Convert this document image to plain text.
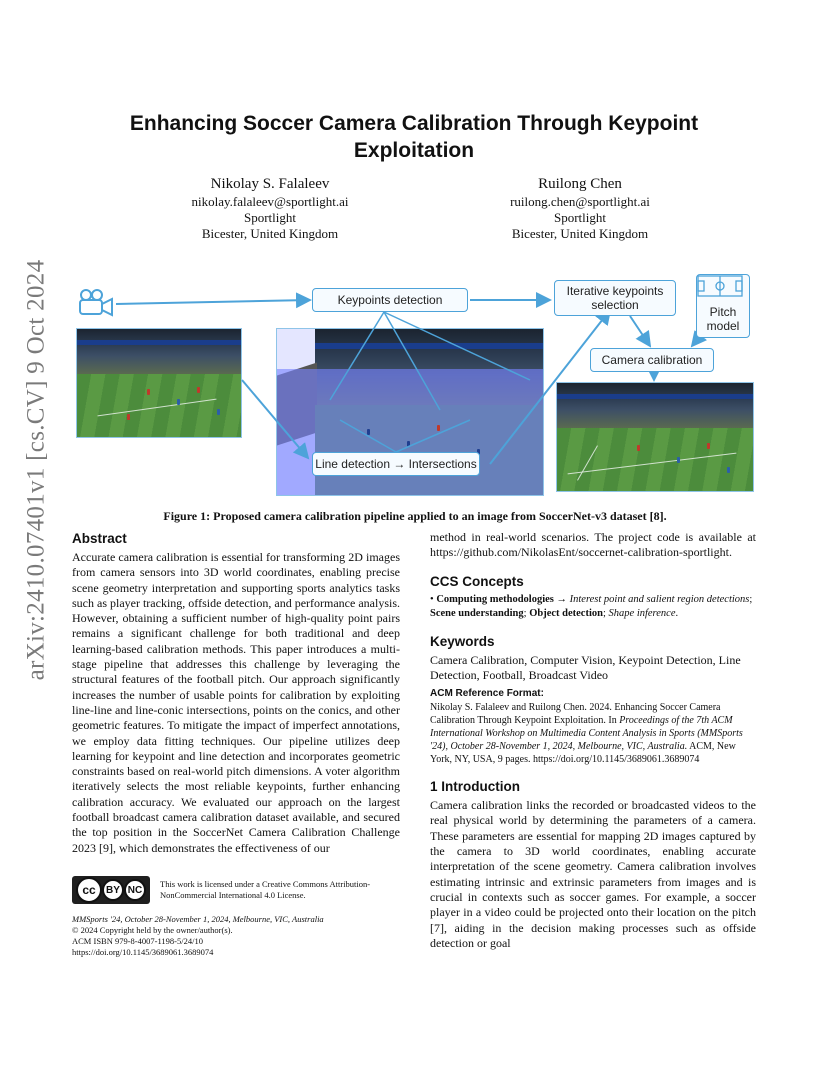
arXiv:2410.07401v1 [cs.CV] 9 Oct 2024
Enhancing Soccer Camera Calibration Through Keypoint Exploitation
Nikolay S. Falaleev
nikolay.falaleev@sportlight.ai
Sportlight
Bicester, United Kingdom
Ruilong Chen
ruilong.chen@sportlight.ai
Sportlight
Bicester, United Kingdom
Keypoints detection
Line detection → Intersections
Iterative keypoints
selection	Pitch
model
Camera calibration
Figure 1: Proposed camera calibration pipeline applied to an image from SoccerNet-v3 dataset [8].
Abstract

Accurate camera calibration is essential for transforming 2D images from camera sensors into 3D world coordinates, enabling precise scene geometry interpretation and supporting sports analytics tasks such as player tracking, offside detection, and performance analysis. However, obtaining a sufficient number of high-quality point pairs remains a significant challenge for both traditional and deep learning-based calibration methods. This paper introduces a multi-stage pipeline that addresses this challenge by leveraging the structural features of the football pitch. Our approach significantly increases the number of usable points for calibration by exploiting line-line and line-conic intersections, points on the conics, and other geometric features. To mitigate the impact of imperfect annotations, we employ data fitting techniques. Our pipeline utilizes deep learning for keypoint and line detection and incorporates geometric constraints based on real-world pitch dimensions. A voter algorithm iteratively selects the most reliable keypoints, further enhancing calibration accuracy. We evaluated our approach on the largest football broadcast camera calibration dataset available, and secured the top position in the SoccerNet Camera Calibration Challenge 2023 [9], which demonstrates the effectiveness of our

cc	BY NC
This work is licensed under a Creative Commons Attribution-NonCommercial International 4.0 License.
MMSports '24, October 28-November 1, 2024, Melbourne, VIC, Australia
© 2024 Copyright held by the owner/author(s).
ACM ISBN 979-8-4007-1198-5/24/10
https://doi.org/10.1145/3689061.3689074

method in real-world scenarios. The project code is available at https://github.com/NikolasEnt/soccernet-calibration-sportlight.

CCS Concepts

• Computing methodologies → Interest point and salient region detections; Scene understanding; Object detection; Shape inference.

Keywords

Camera Calibration, Computer Vision, Keypoint Detection, Line Detection, Football, Broadcast Video

ACM Reference Format:

Nikolay S. Falaleev and Ruilong Chen. 2024. Enhancing Soccer Camera Calibration Through Keypoint Exploitation. In Proceedings of the 7th ACM International Workshop on Multimedia Content Analysis in Sports (MMSports '24), October 28-November 1, 2024, Melbourne, VIC, Australia. ACM, New York, NY, USA, 9 pages. https://doi.org/10.1145/3689061.3689074

1 Introduction

Camera calibration links the recorded or broadcasted videos to the real physical world by determining the parameters of a camera. These parameters are essential for mapping 2D images captured by the camera to 3D world coordinates, enabling accurate interpretation of the scene geometry. Camera calibration involves estimating intrinsic and extrinsic parameters from images and is crucial in contexts such as soccer games. For example, a soccer player in a video could be projected onto their location on the pitch [7], aiding in the decision making processes such as offside detection or goal
